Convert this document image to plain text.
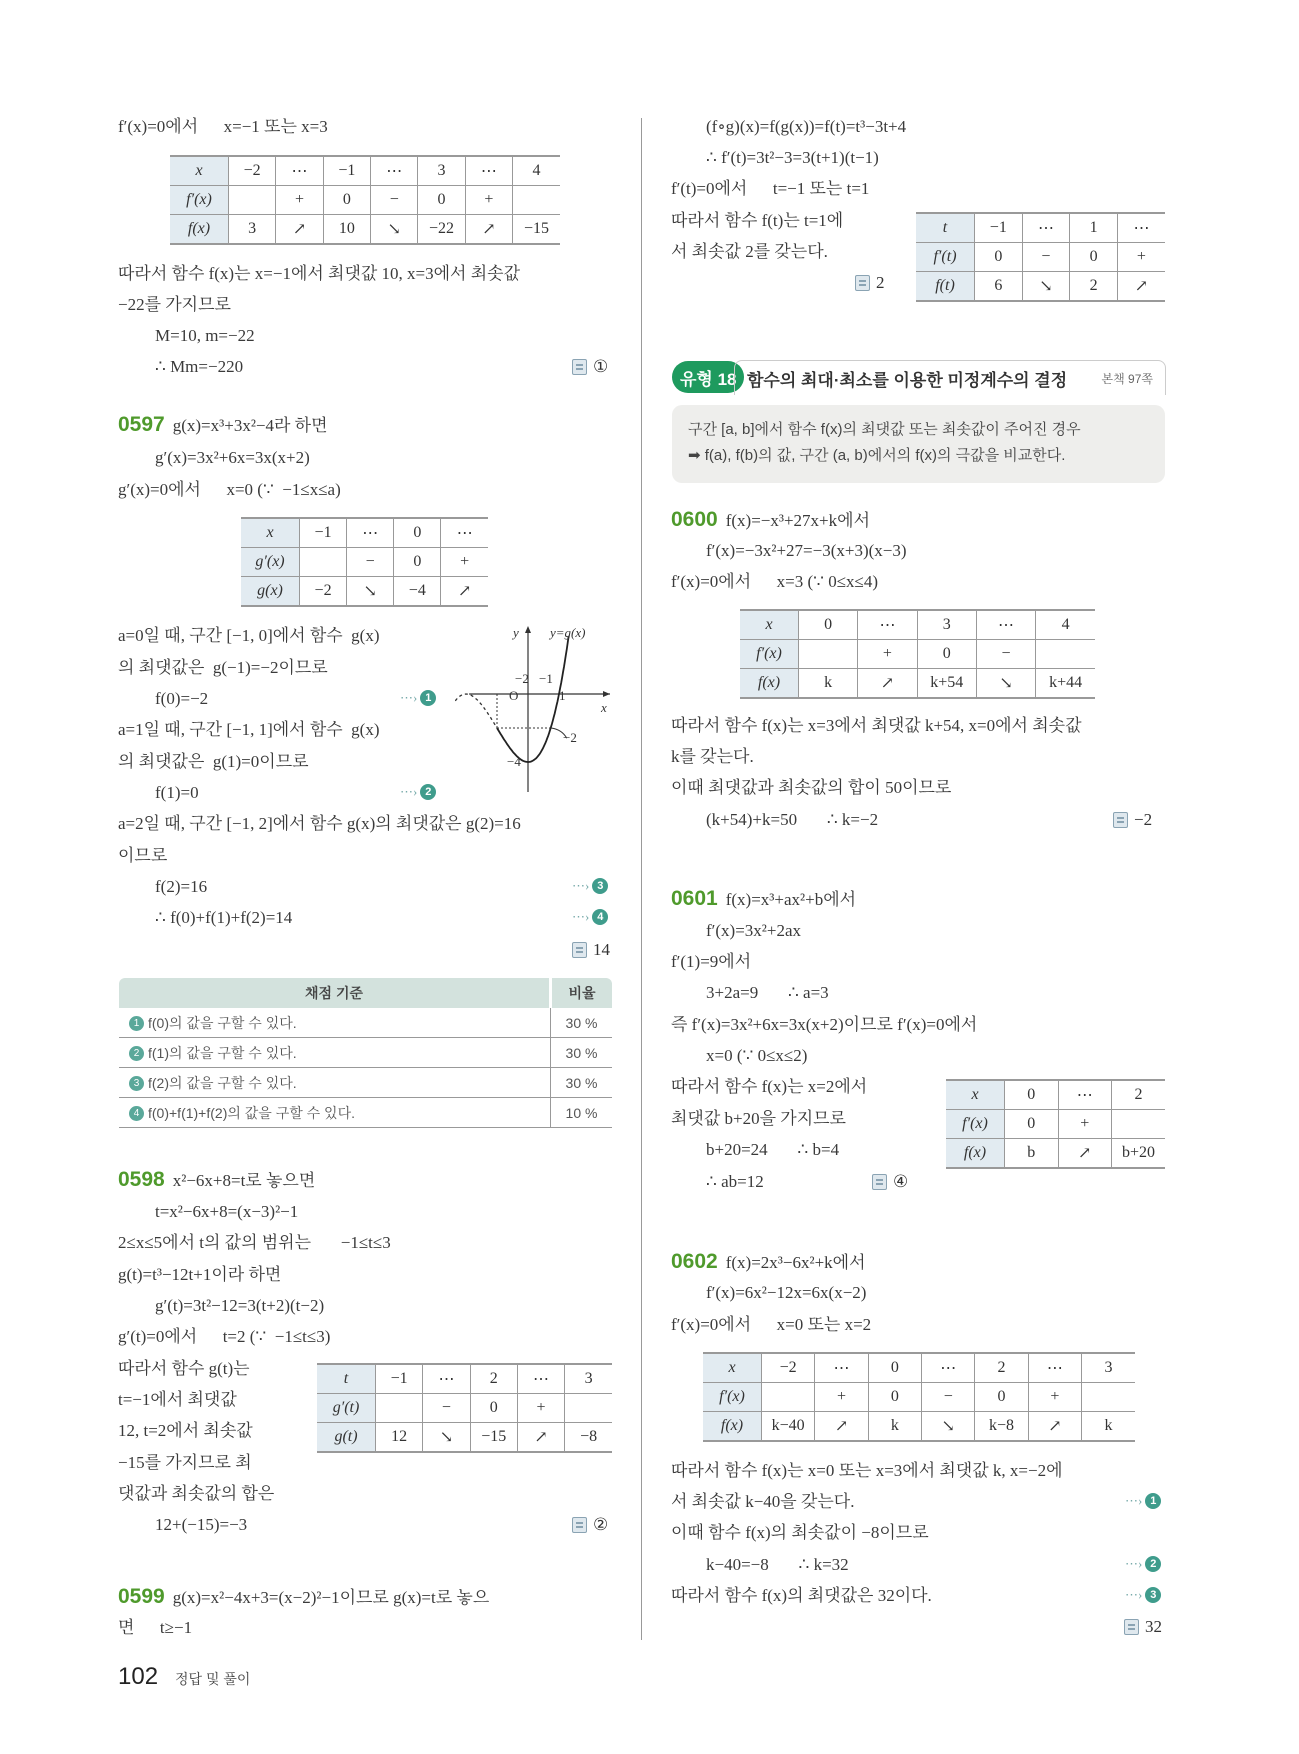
f′(x)=0에서      x=−1 또는 x=3
x	−2	⋯	−1	⋯	3	⋯	4
f′(x)		+	0	−	0	+	
f(x)	3	↗	10	↘	−22	↗	−15
따라서 함수 f(x)는 x=−1에서 최댓값 10, x=3에서 최솟값
−22를 가지므로
M=10, m=−22
∴ Mm=−220	①
0597 g(x)=x³+3x²−4라 하면
g′(x)=3x²+6x=3x(x+2)
g′(x)=0에서      x=0 (∵  −1≤x≤a)
x	−1	⋯	0	⋯
g′(x)		−	0	+
g(x)	−2	↘	−4	↗
a=0일 때, 구간 [−1, 0]에서 함수  g(x)
의 최댓값은  g(−1)=−2이므로
f(0)=−2	⋯› 1
a=1일 때, 구간 [−1, 1]에서 함수  g(x)
의 최댓값은  g(1)=0이므로
f(1)=0	⋯› 2
y y=g(x)
x
−2
O
−1
1
−2
−4
a=2일 때, 구간 [−1, 2]에서 함수 g(x)의 최댓값은 g(2)=16
이므로
f(2)=16	⋯› 3
∴ f(0)+f(1)+f(2)=14	⋯› 4
14
채점 기준	비율
1 f(0)의 값을 구할 수 있다.	30 %
2 f(1)의 값을 구할 수 있다.	30 %
3 f(2)의 값을 구할 수 있다.	30 %
4 f(0)+f(1)+f(2)의 값을 구할 수 있다.	10 %
0598 x²−6x+8=t로 놓으면
t=x²−6x+8=(x−3)²−1
2≤x≤5에서 t의 값의 범위는       −1≤t≤3
g(t)=t³−12t+1이라 하면
g′(t)=3t²−12=3(t+2)(t−2)
g′(t)=0에서      t=2 (∵  −1≤t≤3)
따라서 함수 g(t)는
t=−1에서 최댓값
12, t=2에서 최솟값
−15를 가지므로 최
댓값과 최솟값의 합은
12+(−15)=−3
t	−1	⋯	2	⋯	3
g′(t)		−	0	+	
g(t)	12	↘	−15	↗	−8
②
0599 g(x)=x²−4x+3=(x−2)²−1이므로 g(x)=t로 놓으
면      t≥−1
102 정답 및 풀이
(f∘g)(x)=f(g(x))=f(t)=t³−3t+4
∴ f′(t)=3t²−3=3(t+1)(t−1)
f′(t)=0에서      t=−1 또는 t=1
따라서 함수 f(t)는 t=1에
서 최솟값 2를 갖는다.
2
t	−1	⋯	1	⋯
f′(t)	0	−	0	+
f(t)	6	↘	2	↗
유형 18 함수의 최대·최소를 이용한 미정계수의 결정	본책 97쪽
구간 [a, b]에서 함수 f(x)의 최댓값 또는 최솟값이 주어진 경우
➡ f(a), f(b)의 값, 구간 (a, b)에서의 f(x)의 극값을 비교한다.
0600 f(x)=−x³+27x+k에서
f′(x)=−3x²+27=−3(x+3)(x−3)
f′(x)=0에서      x=3 (∵ 0≤x≤4)
x	0	⋯	3	⋯	4
f′(x)		+	0	−	
f(x)	k	↗	k+54	↘	k+44
따라서 함수 f(x)는 x=3에서 최댓값 k+54, x=0에서 최솟값
k를 갖는다.
이때 최댓값과 최솟값의 합이 50이므로
(k+54)+k=50       ∴ k=−2	−2
0601 f(x)=x³+ax²+b에서
f′(x)=3x²+2ax
f′(1)=9에서
3+2a=9       ∴ a=3
즉 f′(x)=3x²+6x=3x(x+2)이므로 f′(x)=0에서
x=0 (∵ 0≤x≤2)
따라서 함수 f(x)는 x=2에서
최댓값 b+20을 가지므로
b+20=24       ∴ b=4
∴ ab=12	④
x	0	⋯	2
f′(x)	0	+	
f(x)	b	↗	b+20
0602 f(x)=2x³−6x²+k에서
f′(x)=6x²−12x=6x(x−2)
f′(x)=0에서      x=0 또는 x=2
x	−2	⋯	0	⋯	2	⋯	3
f′(x)		+	0	−	0	+	
f(x)	k−40	↗	k	↘	k−8	↗	k
따라서 함수 f(x)는 x=0 또는 x=3에서 최댓값 k, x=−2에
서 최솟값 k−40을 갖는다.	⋯› 1
이때 함수 f(x)의 최솟값이 −8이므로
k−40=−8       ∴ k=32	⋯› 2
따라서 함수 f(x)의 최댓값은 32이다.	⋯› 3
32
